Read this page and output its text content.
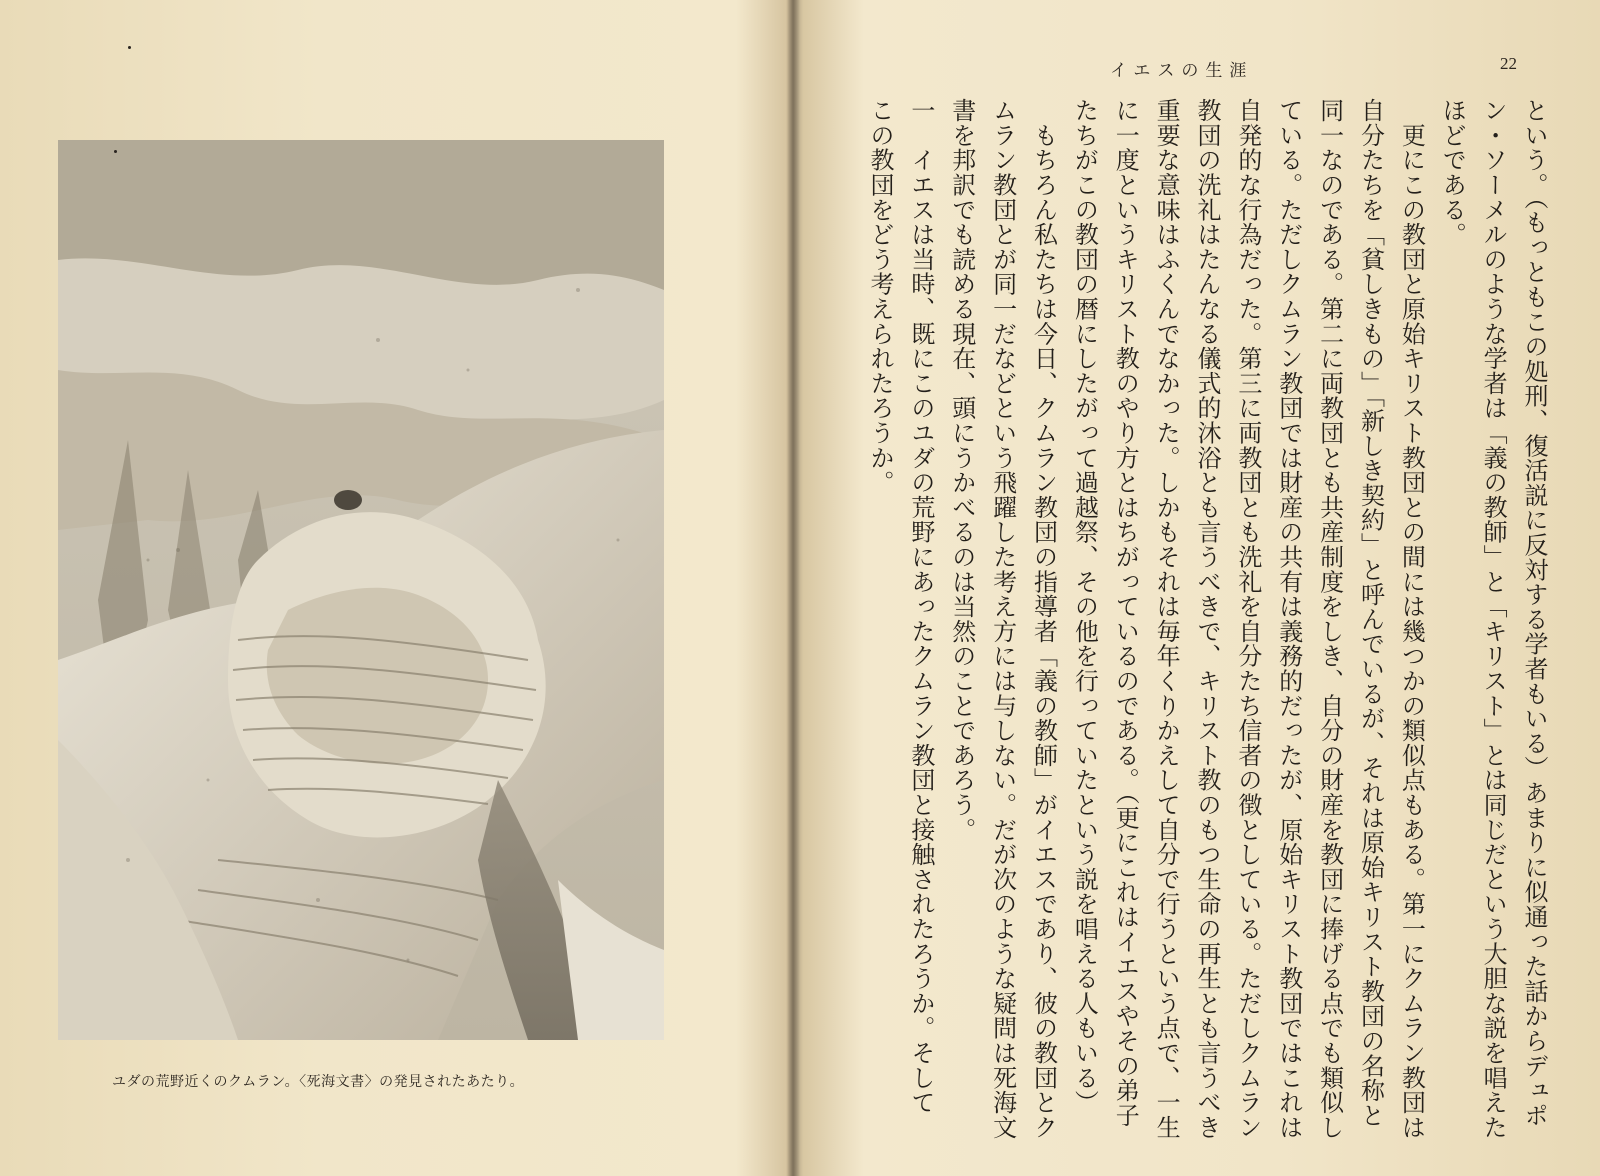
ユダの荒野近くのクムラン。〈死海文書〉の発見されたあたり。
イエスの生涯	22
という。（もっともこの処刑、復活説に反対する学者もいる）あまりに似通った話からデュポ
ン・ソーメルのような学者は「義の教師」と「キリスト」とは同じだという大胆な説を唱えた
ほどである。
　更にこの教団と原始キリスト教団との間には幾つかの類似点もある。第一にクムラン教団は
自分たちを「貧しきもの」「新しき契約」と呼んでいるが、それは原始キリスト教団の名称と
同一なのである。第二に両教団とも共産制度をしき、自分の財産を教団に捧げる点でも類似し
ている。ただしクムラン教団では財産の共有は義務的だったが、原始キリスト教団ではこれは
自発的な行為だった。第三に両教団とも洗礼を自分たち信者の徴としている。ただしクムラン
教団の洗礼はたんなる儀式的沐浴とも言うべきで、キリスト教のもつ生命の再生とも言うべき
重要な意味はふくんでなかった。しかもそれは毎年くりかえして自分で行うという点で、一生
に一度というキリスト教のやり方とはちがっているのである。（更にこれはイエスやその弟子
たちがこの教団の暦にしたがって過越祭、その他を行っていたという説を唱える人もいる）
　もちろん私たちは今日、クムラン教団の指導者「義の教師」がイエスであり、彼の教団とク
ムラン教団とが同一だなどという飛躍した考え方には与しない。だが次のような疑問は死海文
書を邦訳でも読める現在、頭にうかべるのは当然のことであろう。
一　イエスは当時、既にこのユダの荒野にあったクムラン教団と接触されたろうか。そして
この教団をどう考えられたろうか。
